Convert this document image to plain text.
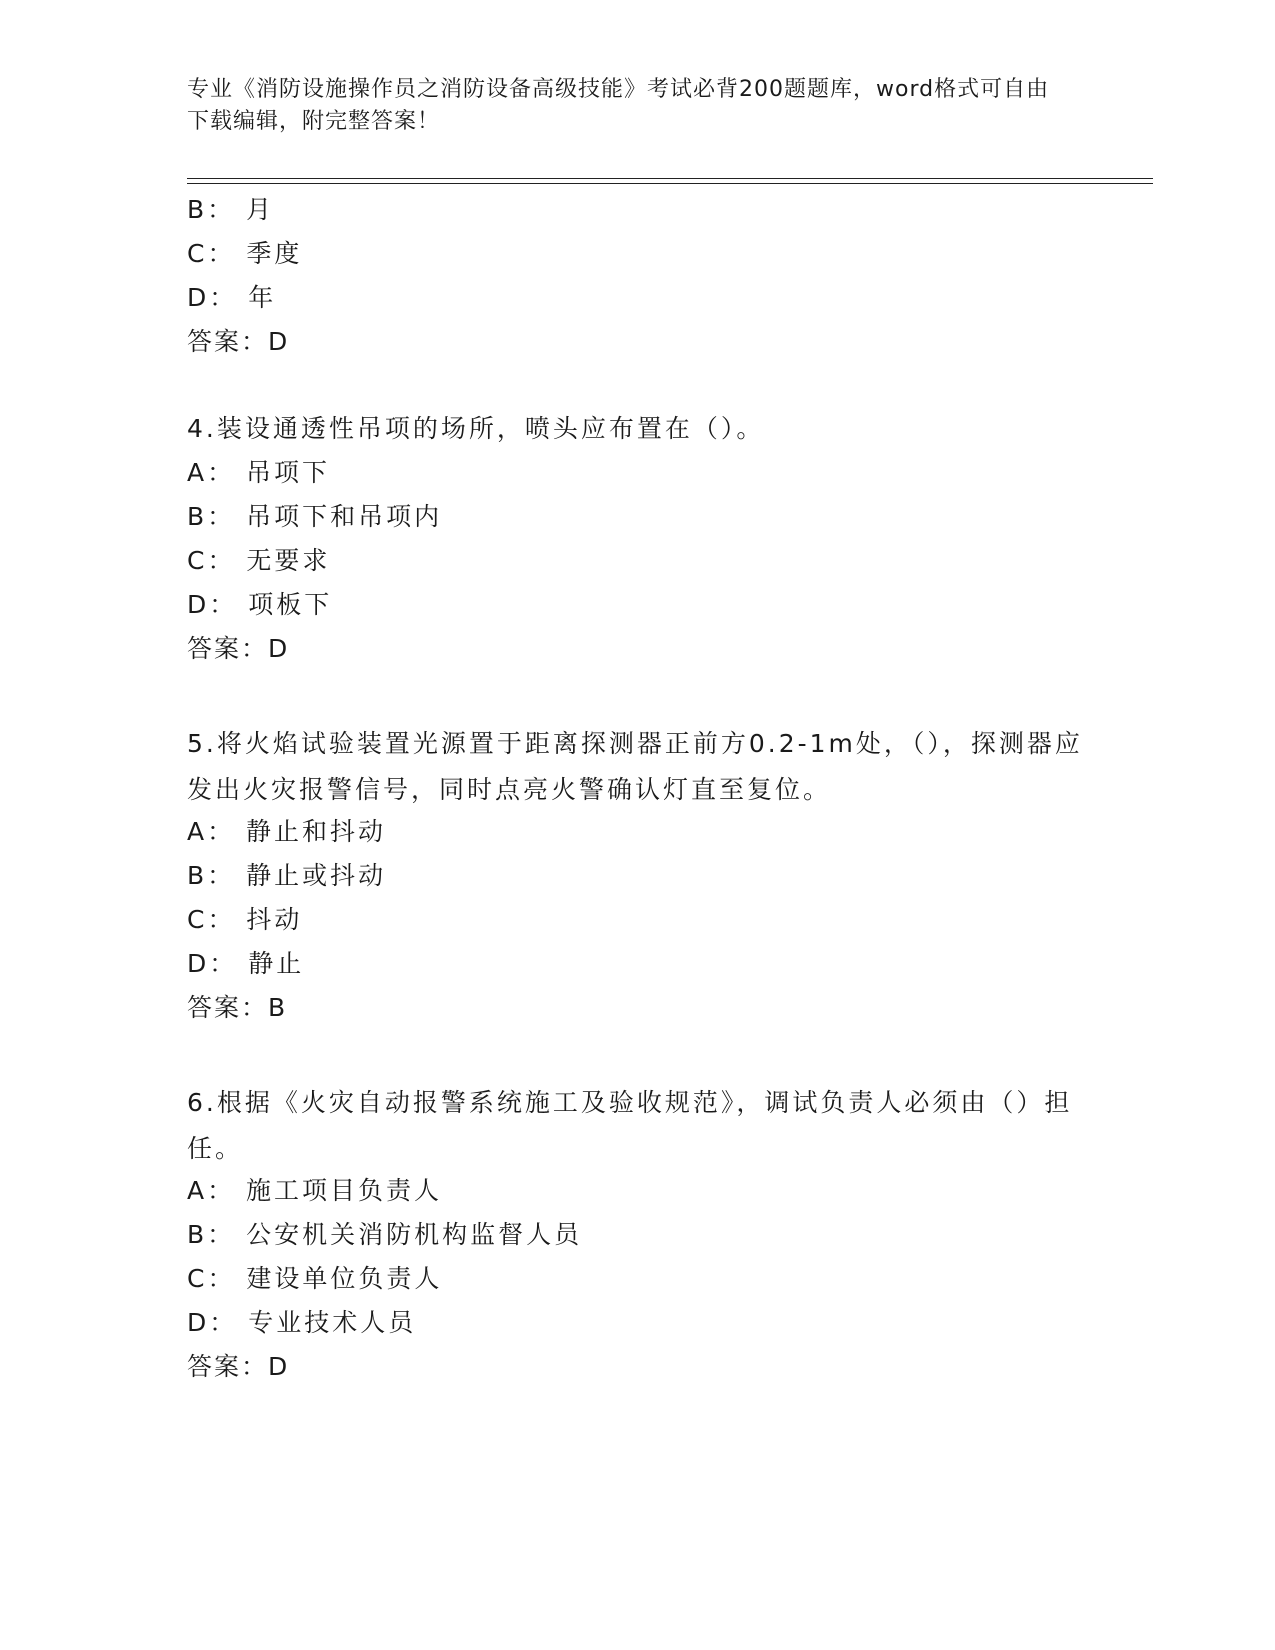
专业《消防设施操作员之消防设备高级技能》考试必背200题题库，word格式可自由下载编辑，附完整答案！
B： 月
C： 季度
D： 年
答案：D
4.装设通透性吊项的场所，喷头应布置在（）。
A： 吊项下
B： 吊项下和吊项内
C： 无要求
D： 项板下
答案：D
5.将火焰试验装置光源置于距离探测器正前方0.2-1m处，（），探测器应发出火灾报警信号，同时点亮火警确认灯直至复位。
A： 静止和抖动
B： 静止或抖动
C： 抖动
D： 静止
答案：B
6.根据《火灾自动报警系统施工及验收规范》，调试负责人必须由（）担任。
A： 施工项目负责人
B： 公安机关消防机构监督人员
C： 建设单位负责人
D： 专业技术人员
答案：D
